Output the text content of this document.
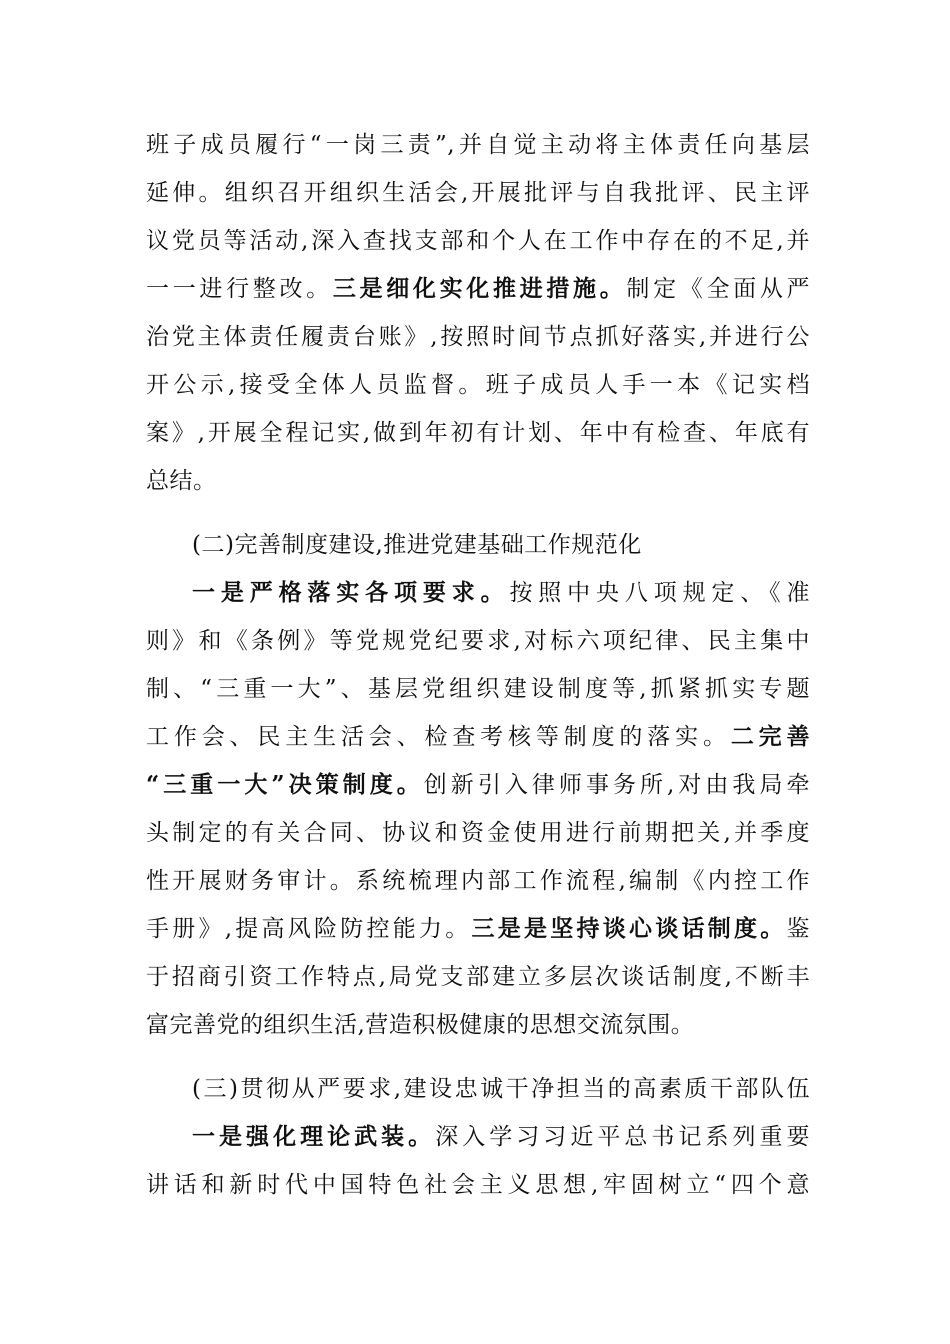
班子成员履行“一岗三责”,并自觉主动将主体责任向基层
延伸。组织召开组织生活会,开展批评与自我批评、民主评
议党员等活动,深入查找支部和个人在工作中存在的不足,并
一一进行整改。三是细化实化推进措施。制定《全面从严
治党主体责任履责台账》,按照时间节点抓好落实,并进行公
开公示,接受全体人员监督。班子成员人手一本《记实档
案》,开展全程记实,做到年初有计划、年中有检查、年底有
总结。
(二)完善制度建设,推进党建基础工作规范化
一是严格落实各项要求。按照中央八项规定、《准
则》和《条例》等党规党纪要求,对标六项纪律、民主集中
制、“三重一大”、基层党组织建设制度等,抓紧抓实专题
工作会、民主生活会、检查考核等制度的落实。二完善
“三重一大”决策制度。创新引入律师事务所,对由我局牵
头制定的有关合同、协议和资金使用进行前期把关,并季度
性开展财务审计。系统梳理内部工作流程,编制《内控工作
手册》,提高风险防控能力。三是是坚持谈心谈话制度。鉴
于招商引资工作特点,局党支部建立多层次谈话制度,不断丰
富完善党的组织生活,营造积极健康的思想交流氛围。
(三)贯彻从严要求,建设忠诚干净担当的高素质干部队伍
一是强化理论武装。深入学习习近平总书记系列重要
讲话和新时代中国特色社会主义思想,牢固树立“四个意
